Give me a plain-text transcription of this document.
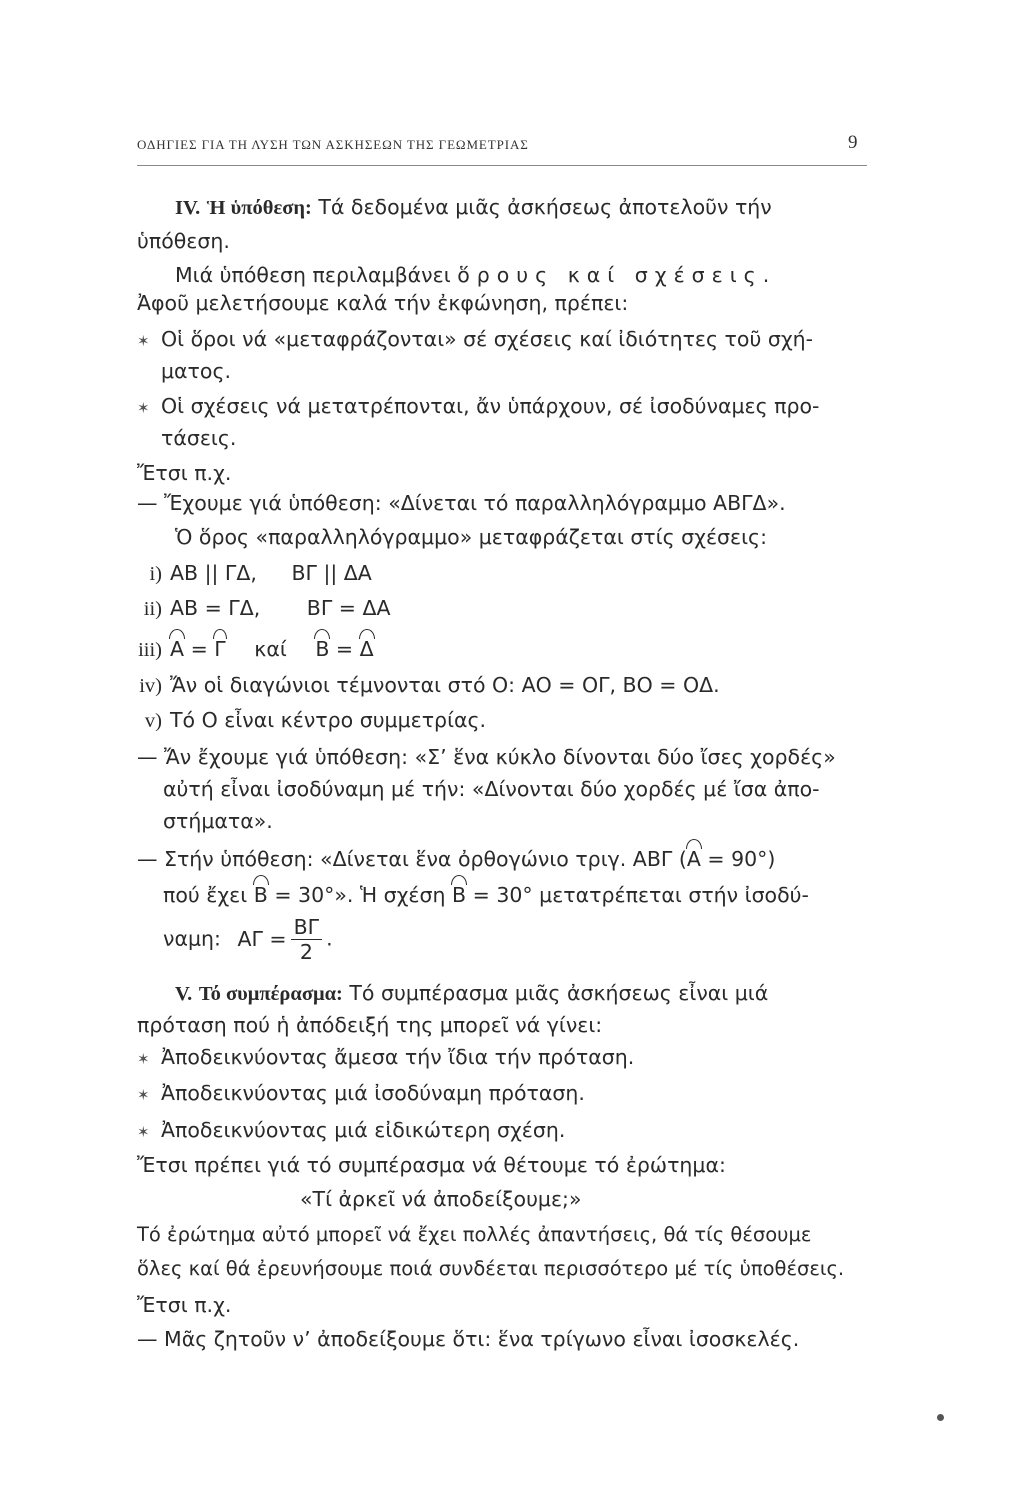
ΟΔΗΓΙΕΣ ΓΙΑ ΤΗ ΛΥΣΗ ΤΩΝ ΑΣΚΗΣΕΩΝ ΤΗΣ ΓΕΩΜΕΤΡΙΑΣ	9
IV. Ἡ ὑπόθεση: Τά δεδομένα μιᾶς ἀσκήσεως ἀποτελοῦν τήν
ὑπόθεση.
Μιά ὑπόθεση περιλαμβάνει ὅρους καί σχέσεις.
Ἀφοῦ μελετήσουμε καλά τήν ἐκφώνηση, πρέπει:
✶ Οἱ ὅροι νά «μεταφράζονται» σέ σχέσεις καί ἰδιότητες τοῦ σχή-
ματος.
✶ Οἱ σχέσεις νά μετατρέπονται, ἄν ὑπάρχουν, σέ ἰσοδύναμες προ-
τάσεις.
Ἔτσι π.χ.
— Ἔχουμε γιά ὑπόθεση: «Δίνεται τό παραλληλόγραμμο ΑΒΓΔ».
Ὁ ὅρος «παραλληλόγραμμο» μεταφράζεται στίς σχέσεις:
i) ΑΒ || ΓΔ, ΒΓ || ΔΑ
ii) ΑΒ = ΓΔ, ΒΓ = ΔΑ
iii) Α = Γ καί Β = Δ
iv) Ἄν οἱ διαγώνιοι τέμνονται στό Ο: ΑΟ = ΟΓ, ΒΟ = ΟΔ.
v) Τό Ο εἶναι κέντρο συμμετρίας.
— Ἄν ἔχουμε γιά ὑπόθεση: «Σ’ ἕνα κύκλο δίνονται δύο ἴσες χορδές»
αὐτή εἶναι ἰσοδύναμη μέ τήν: «Δίνονται δύο χορδές μέ ἴσα ἀπο-
στήματα».
— Στήν ὑπόθεση: «Δίνεται ἕνα ὀρθογώνιο τριγ. ΑΒΓ (Α = 90°)
πού ἔχει Β = 30°». Ἡ σχέση Β = 30° μετατρέπεται στήν ἰσοδύ-
ναμη: $A\Gamma = \frac{B\Gamma}{2}$ .
V. Τό συμπέρασμα: Τό συμπέρασμα μιᾶς ἀσκήσεως εἶναι μιά
πρόταση πού ἡ ἀπόδειξή της μπορεῖ νά γίνει:
✶ Ἀποδεικνύοντας ἄμεσα τήν ἴδια τήν πρόταση.
✶ Ἀποδεικνύοντας μιά ἰσοδύναμη πρόταση.
✶ Ἀποδεικνύοντας μιά εἰδικώτερη σχέση.
Ἔτσι πρέπει γιά τό συμπέρασμα νά θέτουμε τό ἐρώτημα:
«Τί ἀρκεῖ νά ἀποδείξουμε;»
Τό ἐρώτημα αὐτό μπορεῖ νά ἔχει πολλές ἀπαντήσεις, θά τίς θέσουμε
ὅλες καί θά ἐρευνήσουμε ποιά συνδέεται περισσότερο μέ τίς ὑποθέσεις.
Ἔτσι π.χ.
— Μᾶς ζητοῦν ν’ ἀποδείξουμε ὅτι: ἕνα τρίγωνο εἶναι ἰσοσκελές.
